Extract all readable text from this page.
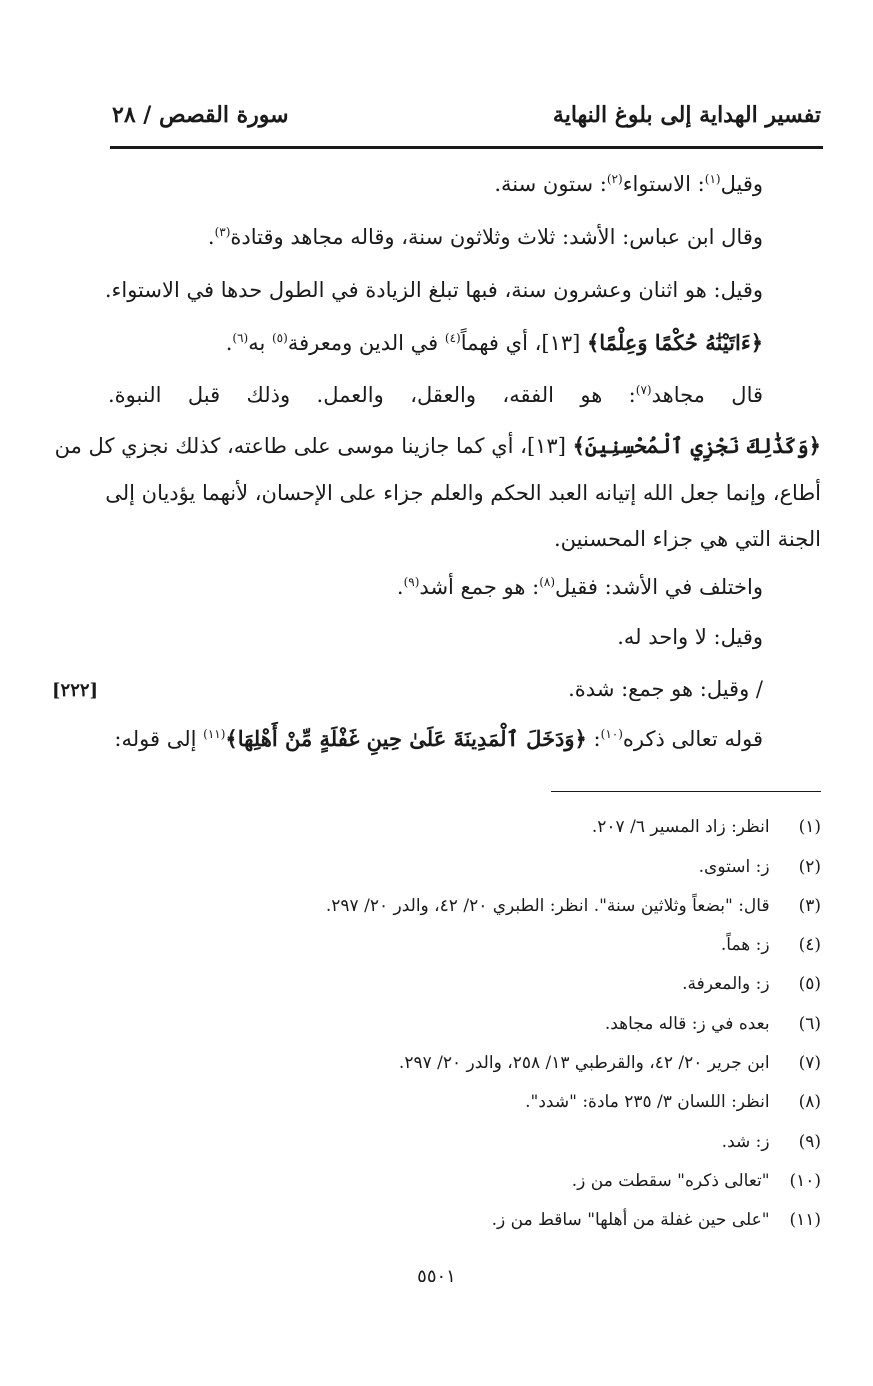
تفسير الهداية إلى بلوغ النهاية
سورة القصص / ٢٨
وقيل$^{(١)}$: الاستواء$^{(٢)}$: ستون سنة.
وقال ابن عباس: الأشد: ثلاث وثلاثون سنة، وقاله مجاهد وقتادة$^{(٣)}$.
وقيل: هو اثنان وعشرون سنة، فبها تبلغ الزيادة في الطول حدها في الاستواء.
﴿ءَاتَيْنَٰهُ حُكْمًا وَعِلْمًا﴾ [١٣]، أي فهماً$^{(٤)}$ في الدين ومعرفة$^{(٥)}$ به$^{(٦)}$.
قال مجاهد$^{(٧)}$: هو الفقه، والعقل، والعمل. وذلك قبل النبوة.
﴿وَكَذَٰلِكَ نَجْزِي ٱلْمُحْسِنِينَ﴾ [١٣]، أي كما جازينا موسى على طاعته، كذلك نجزي كل من
أطاع، وإنما جعل الله إتيانه العبد الحكم والعلم جزاء على الإحسان، لأنهما يؤديان إلى
الجنة التي هي جزاء المحسنين.
واختلف في الأشد: فقيل$^{(٨)}$: هو جمع أشد$^{(٩)}$.
وقيل: لا واحد له.
/ وقيل: هو جمع: شدة.
[٢٢٢]
قوله تعالى ذكره$^{(١٠)}$: ﴿وَدَخَلَ ٱلْمَدِينَةَ عَلَىٰ حِينِ غَفْلَةٍ مِّنْ أَهْلِهَا﴾$^{(١١)}$ إلى قوله:
(١) انظر: زاد المسير ٦/ ٢٠٧.
(٢) ز: استوى.
(٣) قال: "بضعاً وثلاثين سنة". انظر: الطبري ٢٠/ ٤٢، والدر ٢٠/ ٢٩٧.
(٤) ز: هماً.
(٥) ز: والمعرفة.
(٦) بعده في ز: قاله مجاهد.
(٧) ابن جرير ٢٠/ ٤٢، والقرطبي ١٣/ ٢٥٨، والدر ٢٠/ ٢٩٧.
(٨) انظر: اللسان ٣/ ٢٣٥ مادة: "شدد".
(٩) ز: شد.
(١٠) "تعالى ذكره" سقطت من ز.
(١١) "على حين غفلة من أهلها" ساقط من ز.
٥٥٠١
